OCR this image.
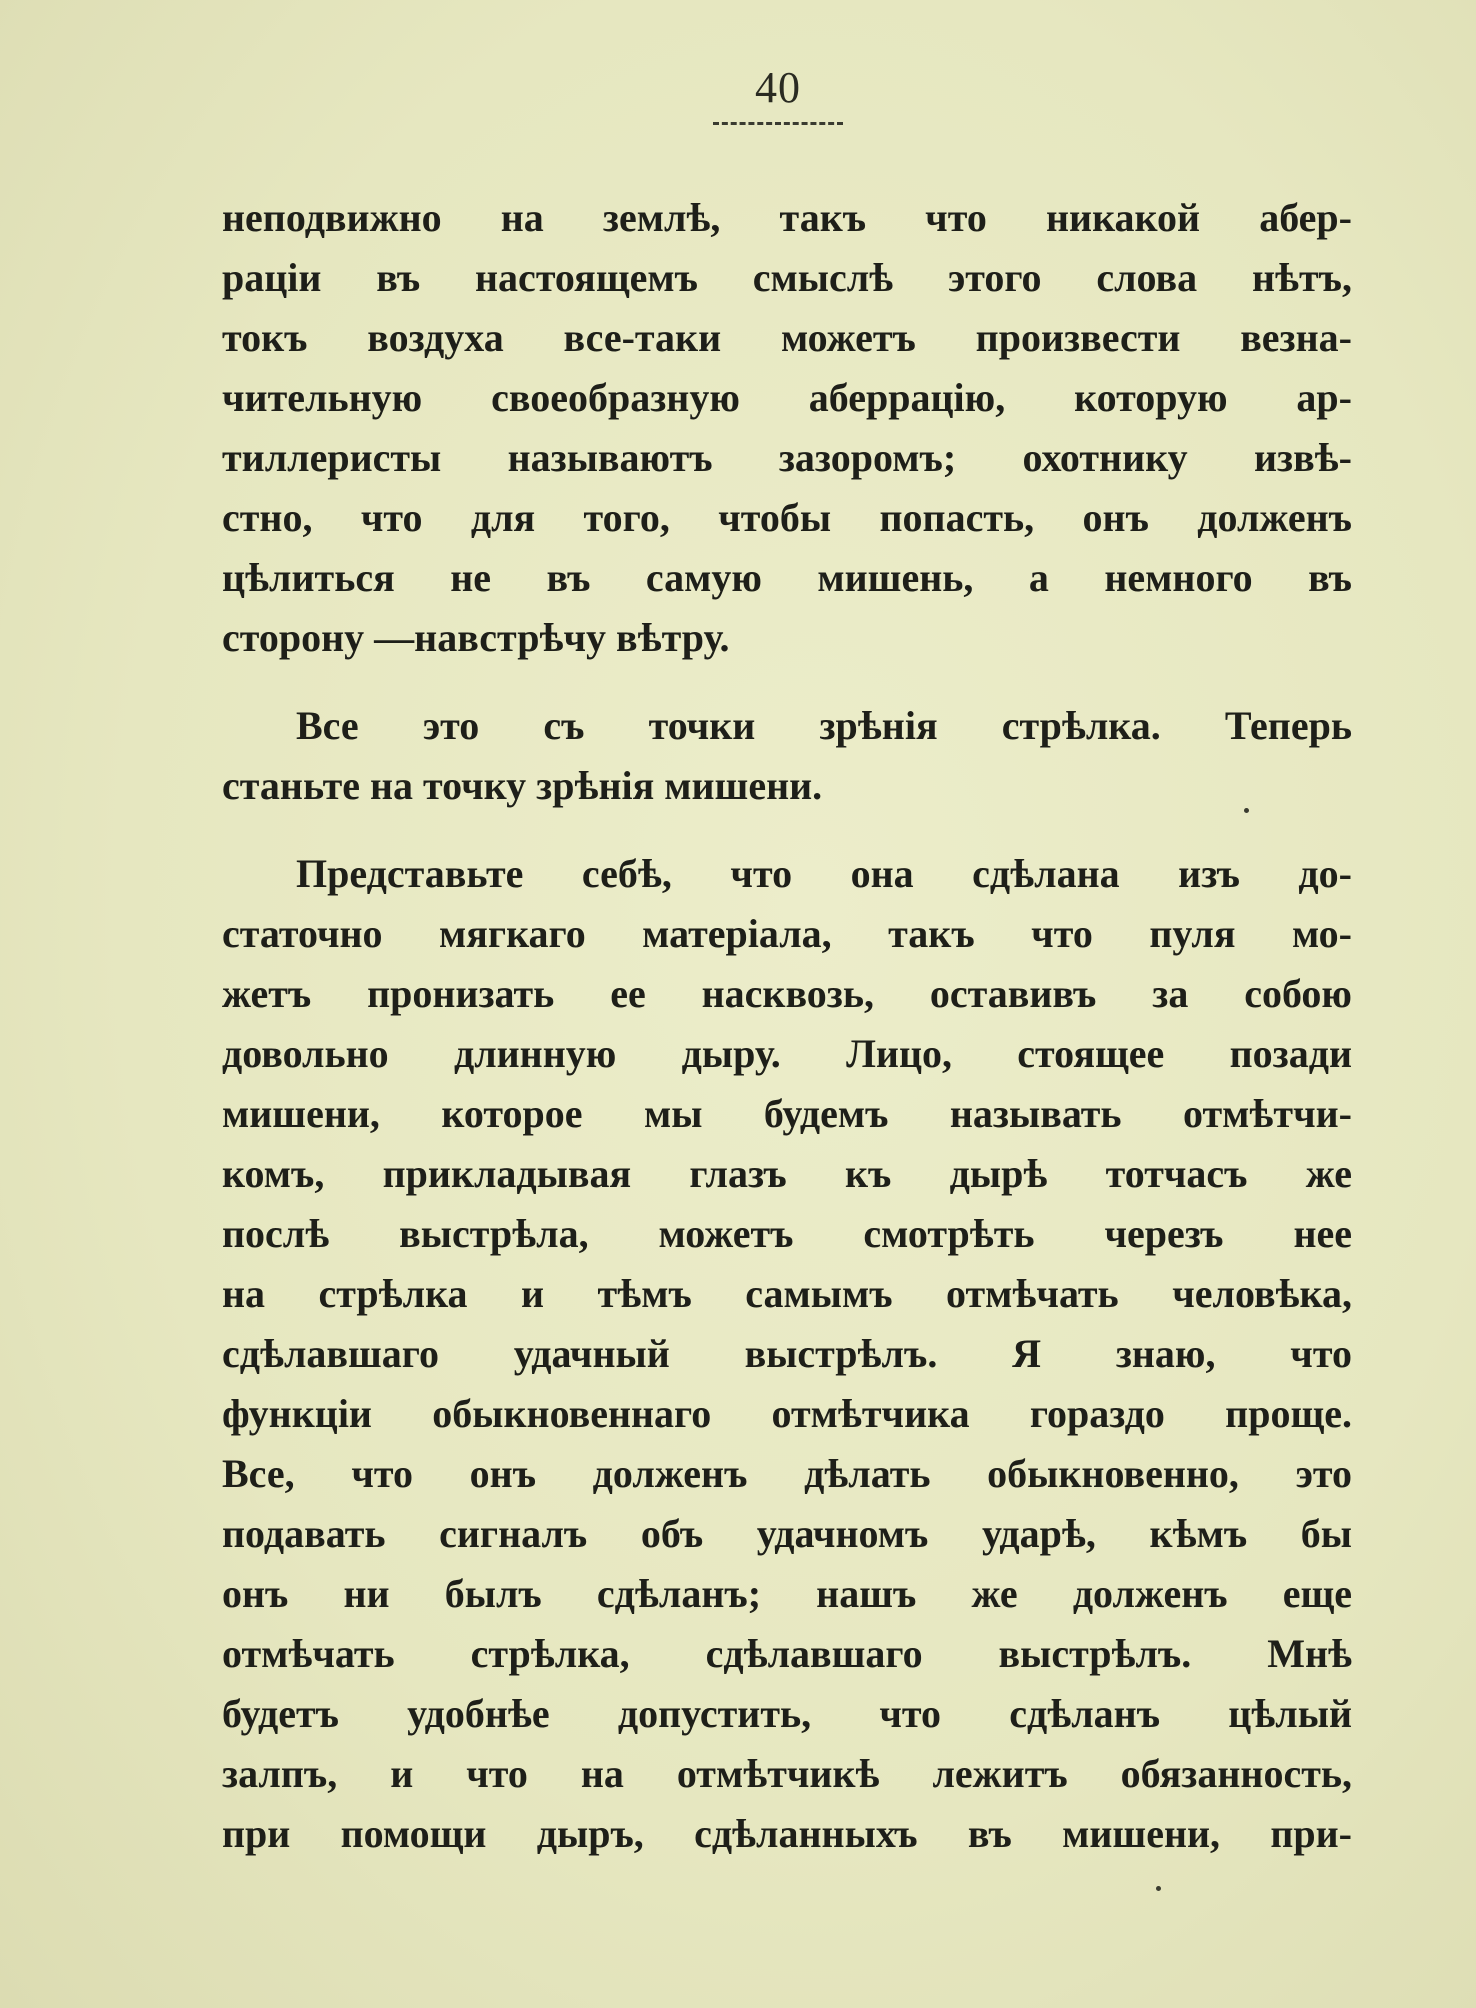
40
неподвижно на землѣ, такъ что никакой абер-
раціи въ настоящемъ смыслѣ этого слова нѣтъ,
токъ воздуха все-таки можетъ произвести везна-
чительную своеобразную аберрацію, которую ар-
тиллеристы называютъ зазоромъ; охотнику извѣ-
стно, что для того, чтобы попасть, онъ долженъ
цѣлиться не въ самую мишень, а немного въ
сторону —навстрѣчу вѣтру.
Все это съ точки зрѣнія стрѣлка. Теперь
станьте на точку зрѣнія мишени.
Представьте себѣ, что она сдѣлана изъ до-
статочно мягкаго матеріала, такъ что пуля мо-
жетъ пронизать ее насквозь, оставивъ за собою
довольно длинную дыру. Лицо, стоящее позади
мишени, которое мы будемъ называть отмѣтчи-
комъ, прикладывая глазъ къ дырѣ тотчасъ же
послѣ выстрѣла, можетъ смотрѣть черезъ нее
на стрѣлка и тѣмъ самымъ отмѣчать человѣка,
сдѣлавшаго удачный выстрѣлъ. Я знаю, что
функціи обыкновеннаго отмѣтчика гораздо проще.
Все, что онъ долженъ дѣлать обыкновенно, это
подавать сигналъ объ удачномъ ударѣ, кѣмъ бы
онъ ни былъ сдѣланъ; нашъ же долженъ еще
отмѣчать стрѣлка, сдѣлавшаго выстрѣлъ. Мнѣ
будетъ удобнѣе допустить, что сдѣланъ цѣлый
залпъ, и что на отмѣтчикѣ лежитъ обязанность,
при помощи дыръ, сдѣланныхъ въ мишени, при-
